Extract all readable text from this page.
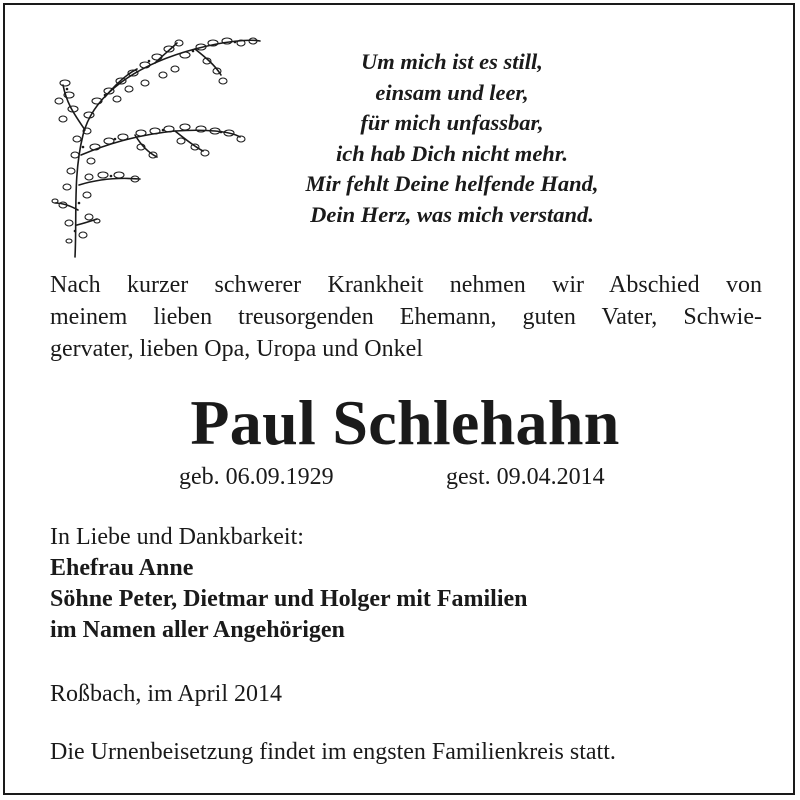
Um mich ist es still,
einsam und leer,
für mich unfassbar,
ich hab Dich nicht mehr.
Mir fehlt Deine helfende Hand,
Dein Herz, was mich verstand.
Nach kurzer schwerer Krankheit nehmen wir Abschied von
meinem lieben treusorgenden Ehemann, guten Vater, Schwie-
gervater, lieben Opa, Uropa und Onkel
Paul Schlehahn
geb. 06.09.1929	gest. 09.04.2014
In Liebe und Dankbarkeit:
Ehefrau Anne
Söhne Peter, Dietmar und Holger mit Familien
im Namen aller Angehörigen
Roßbach, im April 2014
Die Urnenbeisetzung findet im engsten Familienkreis statt.
